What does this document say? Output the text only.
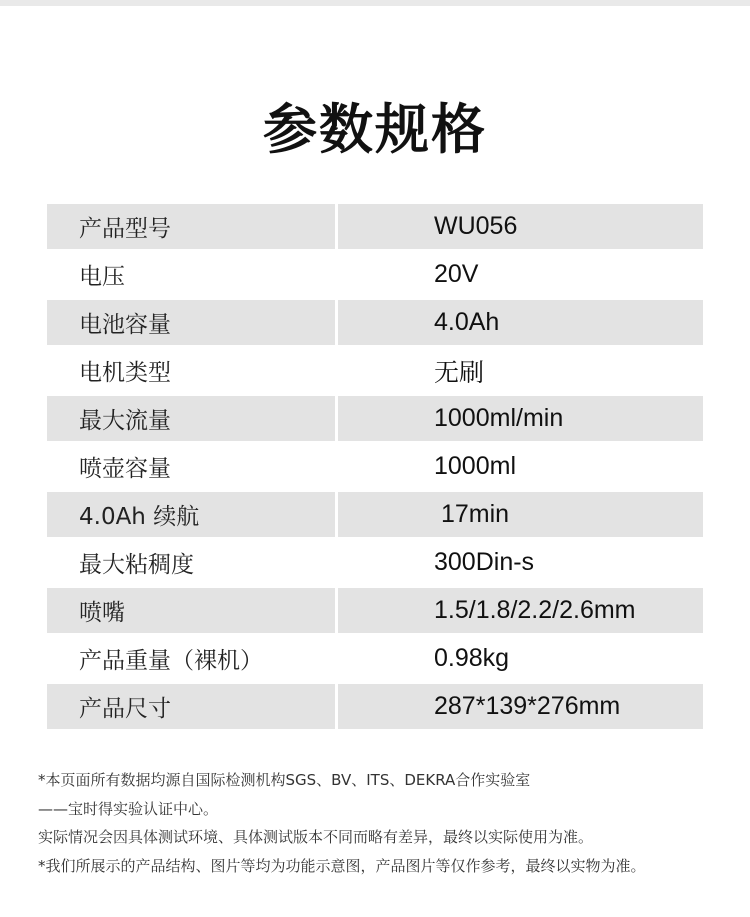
参数规格
产品型号	WU056
电压	20V
电池容量	4.0Ah
电机类型	无刷
最大流量	1000ml/min
喷壶容量	1000ml
4.0Ah 续航	17min
最大粘稠度	300Din-s
喷嘴	1.5/1.8/2.2/2.6mm
产品重量（裸机）	0.98kg
产品尺寸	287*139*276mm
*本页面所有数据均源自国际检测机构SGS、BV、ITS、DEKRA合作实验室
——宝时得实验认证中心。
实际情况会因具体测试环境、具体测试版本不同而略有差异，最终以实际使用为准。
*我们所展示的产品结构、图片等均为功能示意图，产品图片等仅作参考，最终以实物为准。
